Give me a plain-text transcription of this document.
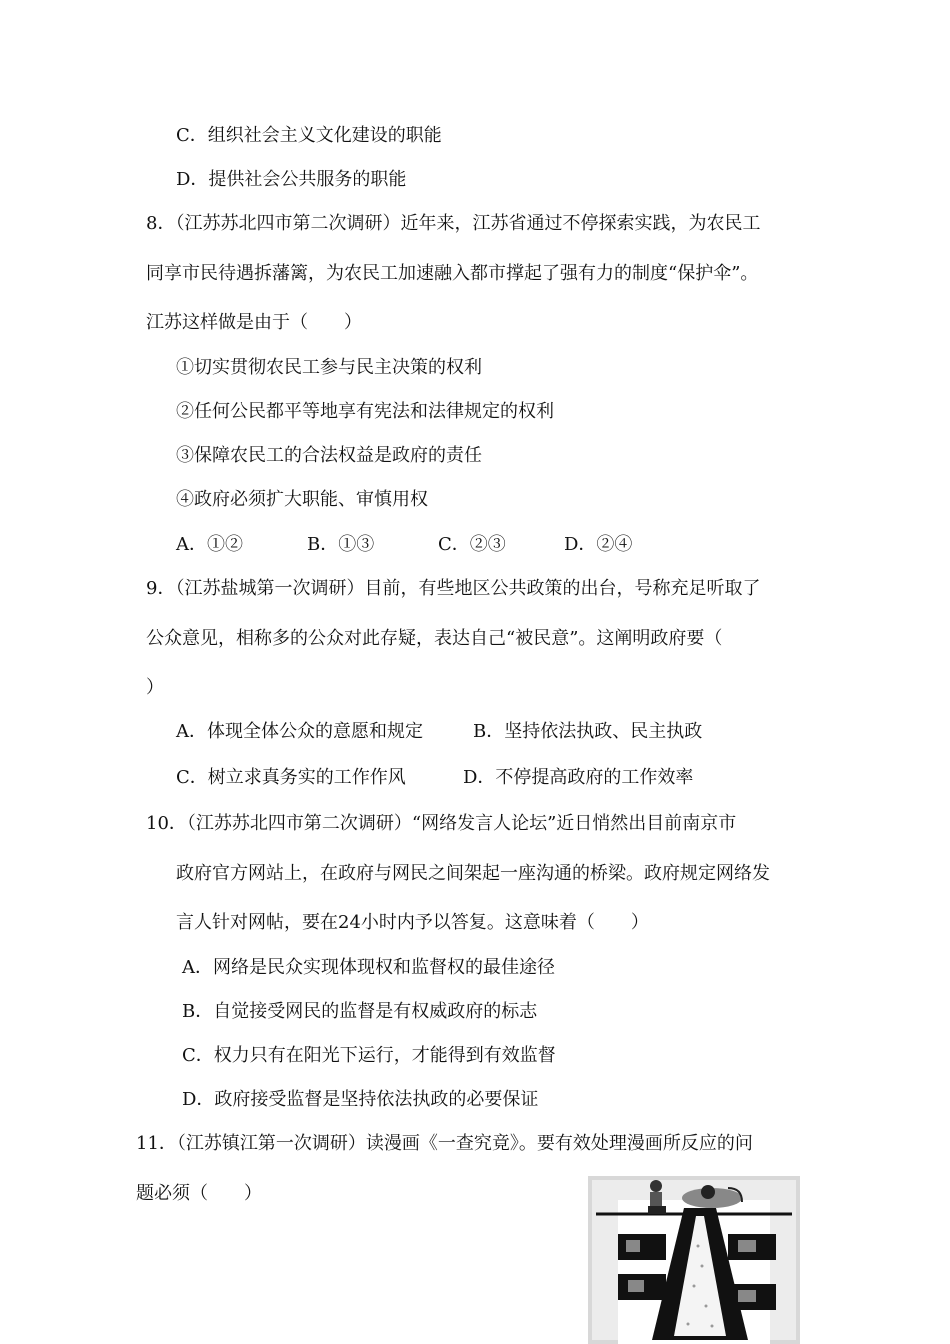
C．组织社会主义文化建设的职能
D．提供社会公共服务的职能
8．（江苏苏北四市第二次调研）近年来，江苏省通过不停探索实践，为农民工
同享市民待遇拆藩篱，为农民工加速融入都市撑起了强有力的制度“保护伞”。
江苏这样做是由于（　　）
①切实贯彻农民工参与民主决策的权利
②任何公民都平等地享有宪法和法律规定的权利
③保障农民工的合法权益是政府的责任
④政府必须扩大职能、审慎用权
A．①②	B．①③	C．②③	D．②④
9．（江苏盐城第一次调研）目前，有些地区公共政策的出台，号称充足听取了
公众意见，相称多的公众对此存疑，表达自己“被民意”。这阐明政府要（
）
A．体现全体公众的意愿和规定	B．坚持依法执政、民主执政
C．树立求真务实的工作作风	D．不停提高政府的工作效率
10．（江苏苏北四市第二次调研）“网络发言人论坛”近日悄然出目前南京市
政府官方网站上，在政府与网民之间架起一座沟通的桥梁。政府规定网络发
言人针对网帖，要在24小时内予以答复。这意味着（　　）
A．网络是民众实现体现权和监督权的最佳途径
B．自觉接受网民的监督是有权威政府的标志
C．权力只有在阳光下运行，才能得到有效监督
D．政府接受监督是坚持依法执政的必要保证
11．（江苏镇江第一次调研）读漫画《一查究竟》。要有效处理漫画所反应的问
题必须（　　）
